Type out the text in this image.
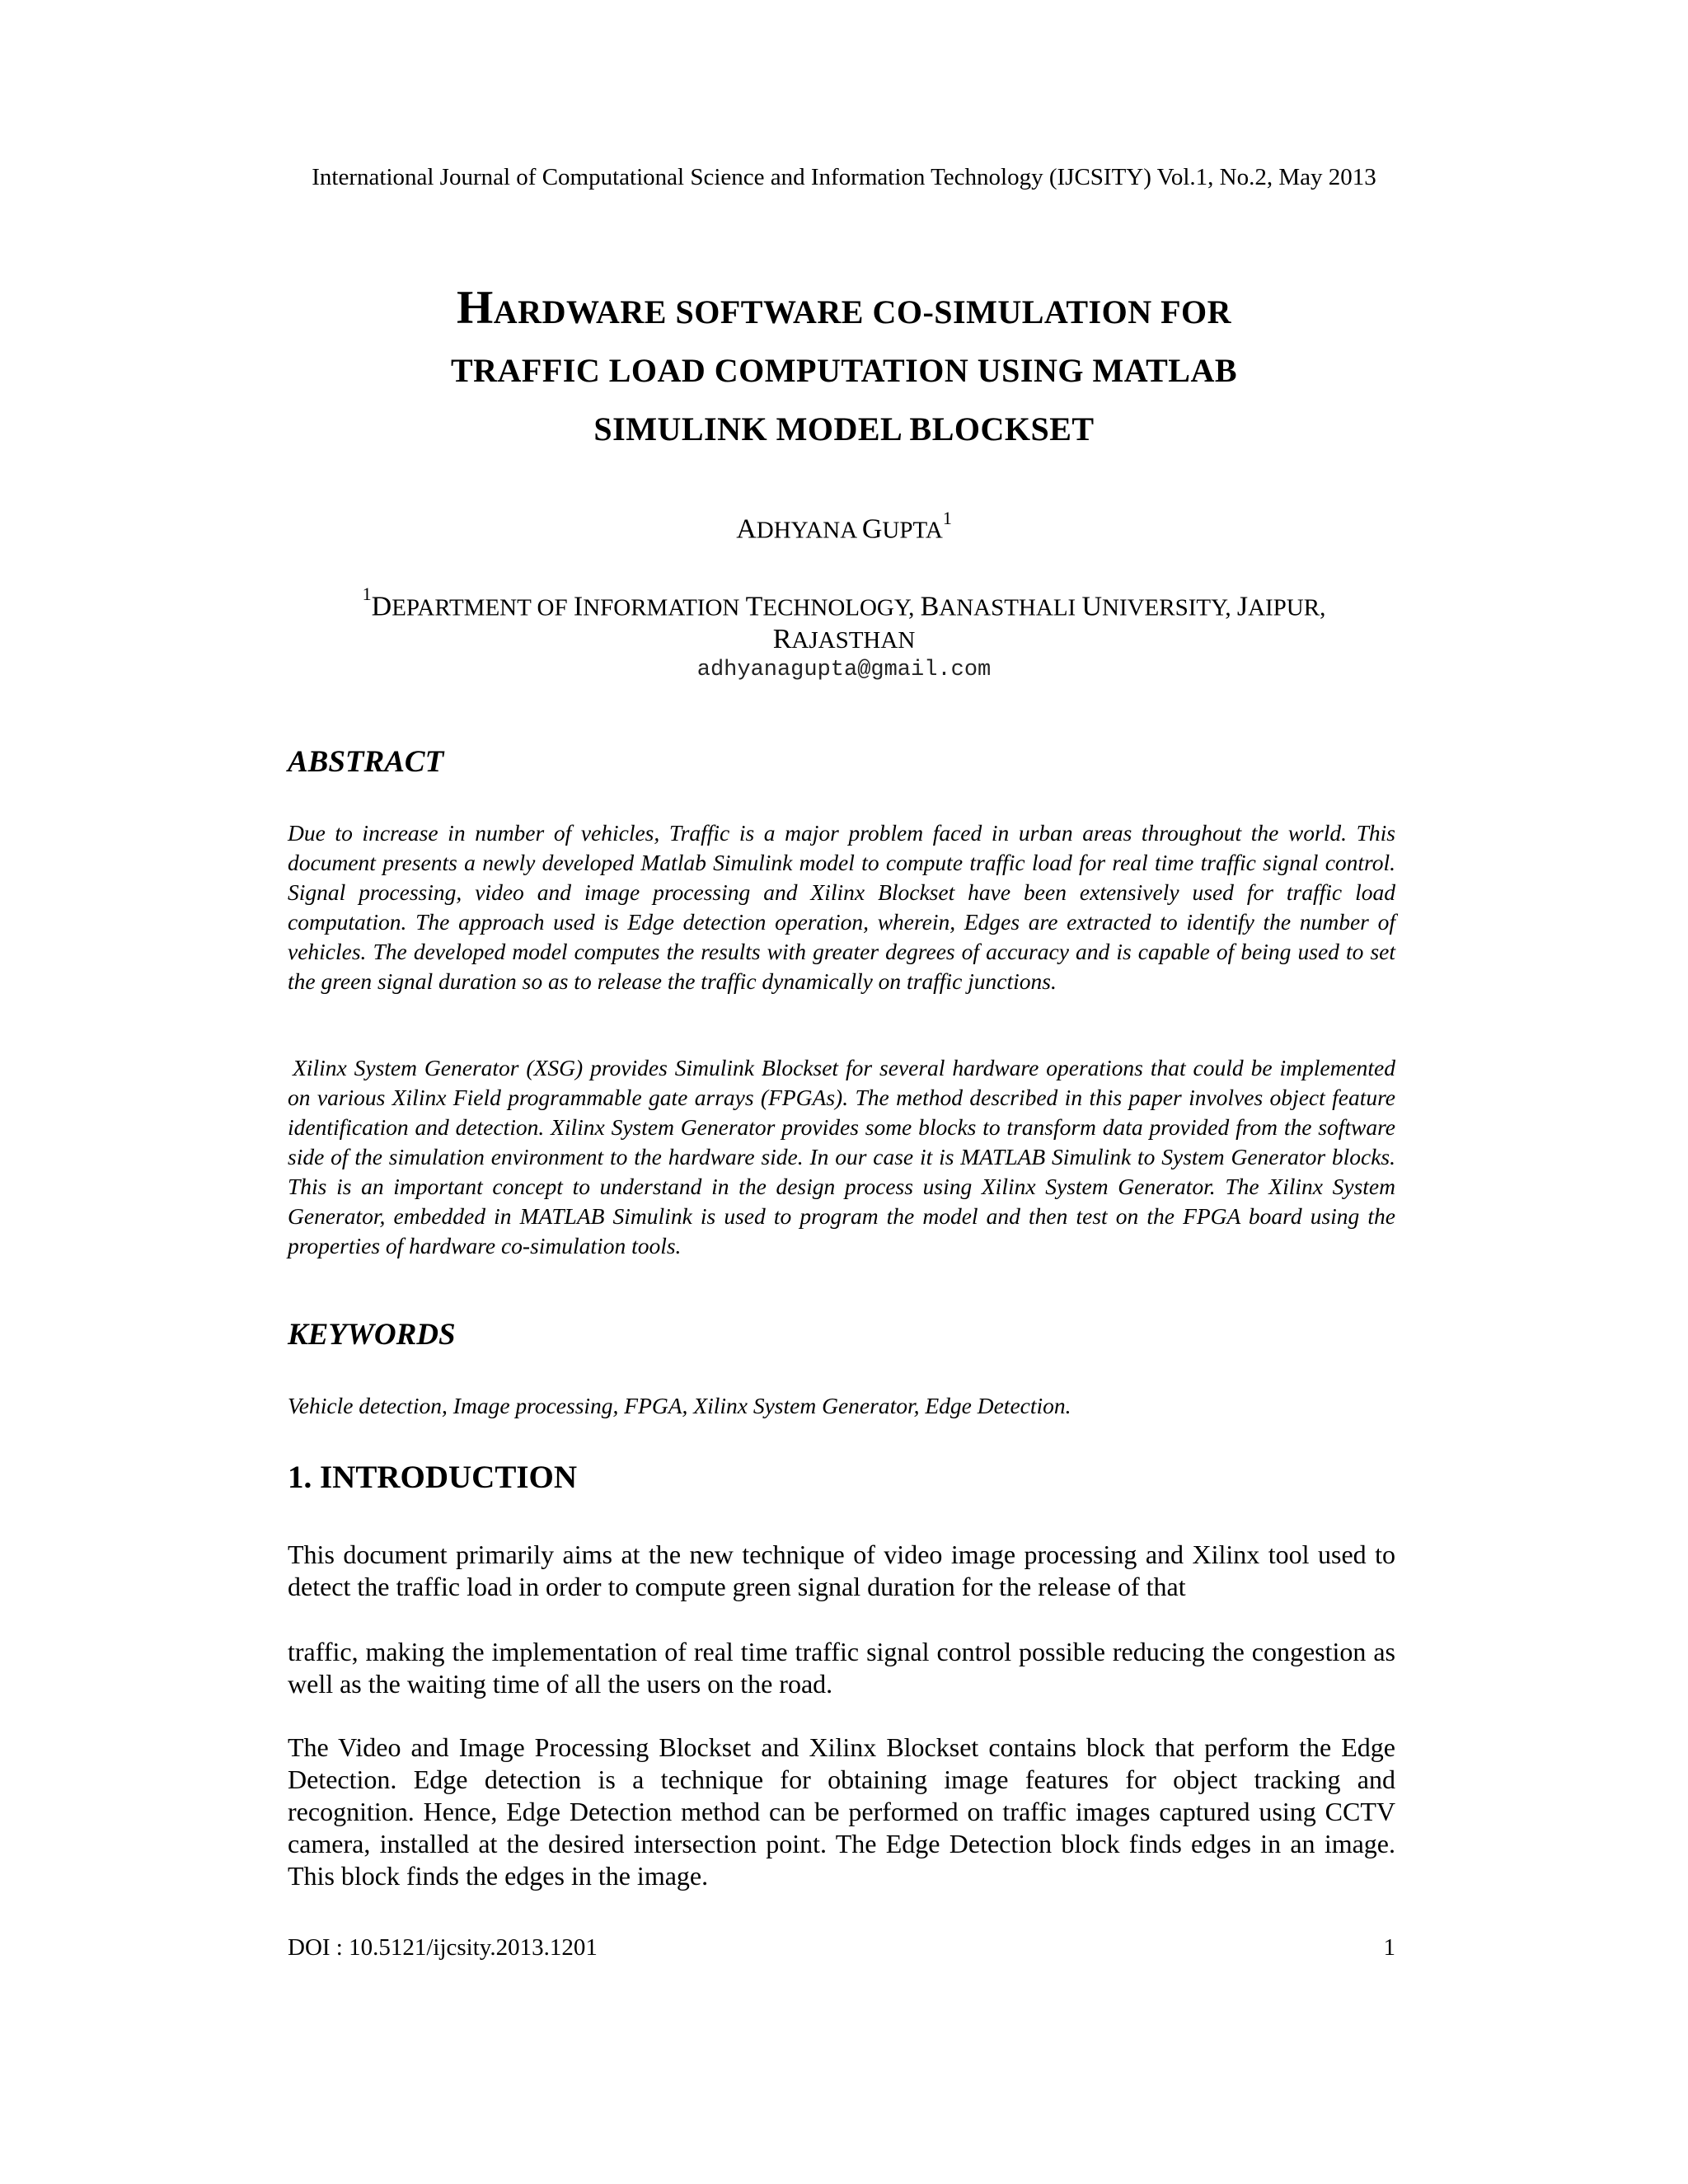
International Journal of Computational Science and Information Technology (IJCSITY) Vol.1, No.2, May 2013
HARDWARE SOFTWARE CO-SIMULATION FOR
TRAFFIC LOAD COMPUTATION USING MATLAB
SIMULINK MODEL BLOCKSET
ADHYANA GUPTA$^1$
$^1$DEPARTMENT OF INFORMATION TECHNOLOGY, BANASTHALI UNIVERSITY, JAIPUR,
RAJASTHAN
adhyanagupta@gmail.com
ABSTRACT
Due to increase in number of vehicles, Traffic is a major problem faced in urban areas throughout the world. This document presents a newly developed Matlab Simulink model to compute traffic load for real time traffic signal control. Signal processing, video and image processing and Xilinx Blockset have been extensively used for traffic load computation. The approach used is Edge detection operation, wherein, Edges are extracted to identify the number of vehicles. The developed model computes the results with greater degrees of accuracy and is capable of being used to set the green signal duration so as to release the traffic dynamically on traffic junctions.
Xilinx System Generator (XSG) provides Simulink Blockset for several hardware operations that could be implemented on various Xilinx Field programmable gate arrays (FPGAs). The method described in this paper involves object feature identification and detection. Xilinx System Generator provides some blocks to transform data provided from the software side of the simulation environment to the hardware side. In our case it is MATLAB Simulink to System Generator blocks. This is an important concept to understand in the design process using Xilinx System Generator. The Xilinx System Generator, embedded in MATLAB Simulink is used to program the model and then test on the FPGA board using the properties of hardware co-simulation tools.
KEYWORDS
Vehicle detection, Image processing, FPGA, Xilinx System Generator, Edge Detection.
1. INTRODUCTION
This document primarily aims at the new technique of video image processing and Xilinx tool used to detect the traffic load in order to compute green signal duration for the release of that
traffic, making the implementation of real time traffic signal control possible reducing the congestion as well as the waiting time of all the users on the road.
The Video and Image Processing Blockset and Xilinx Blockset contains block that perform the Edge Detection. Edge detection is a technique for obtaining image features for object tracking and recognition. Hence, Edge Detection method can be performed on traffic images captured using CCTV camera, installed at the desired intersection point. The Edge Detection block finds edges in an image. This block finds the edges in the image.
DOI : 10.5121/ijcsity.2013.1201	1
